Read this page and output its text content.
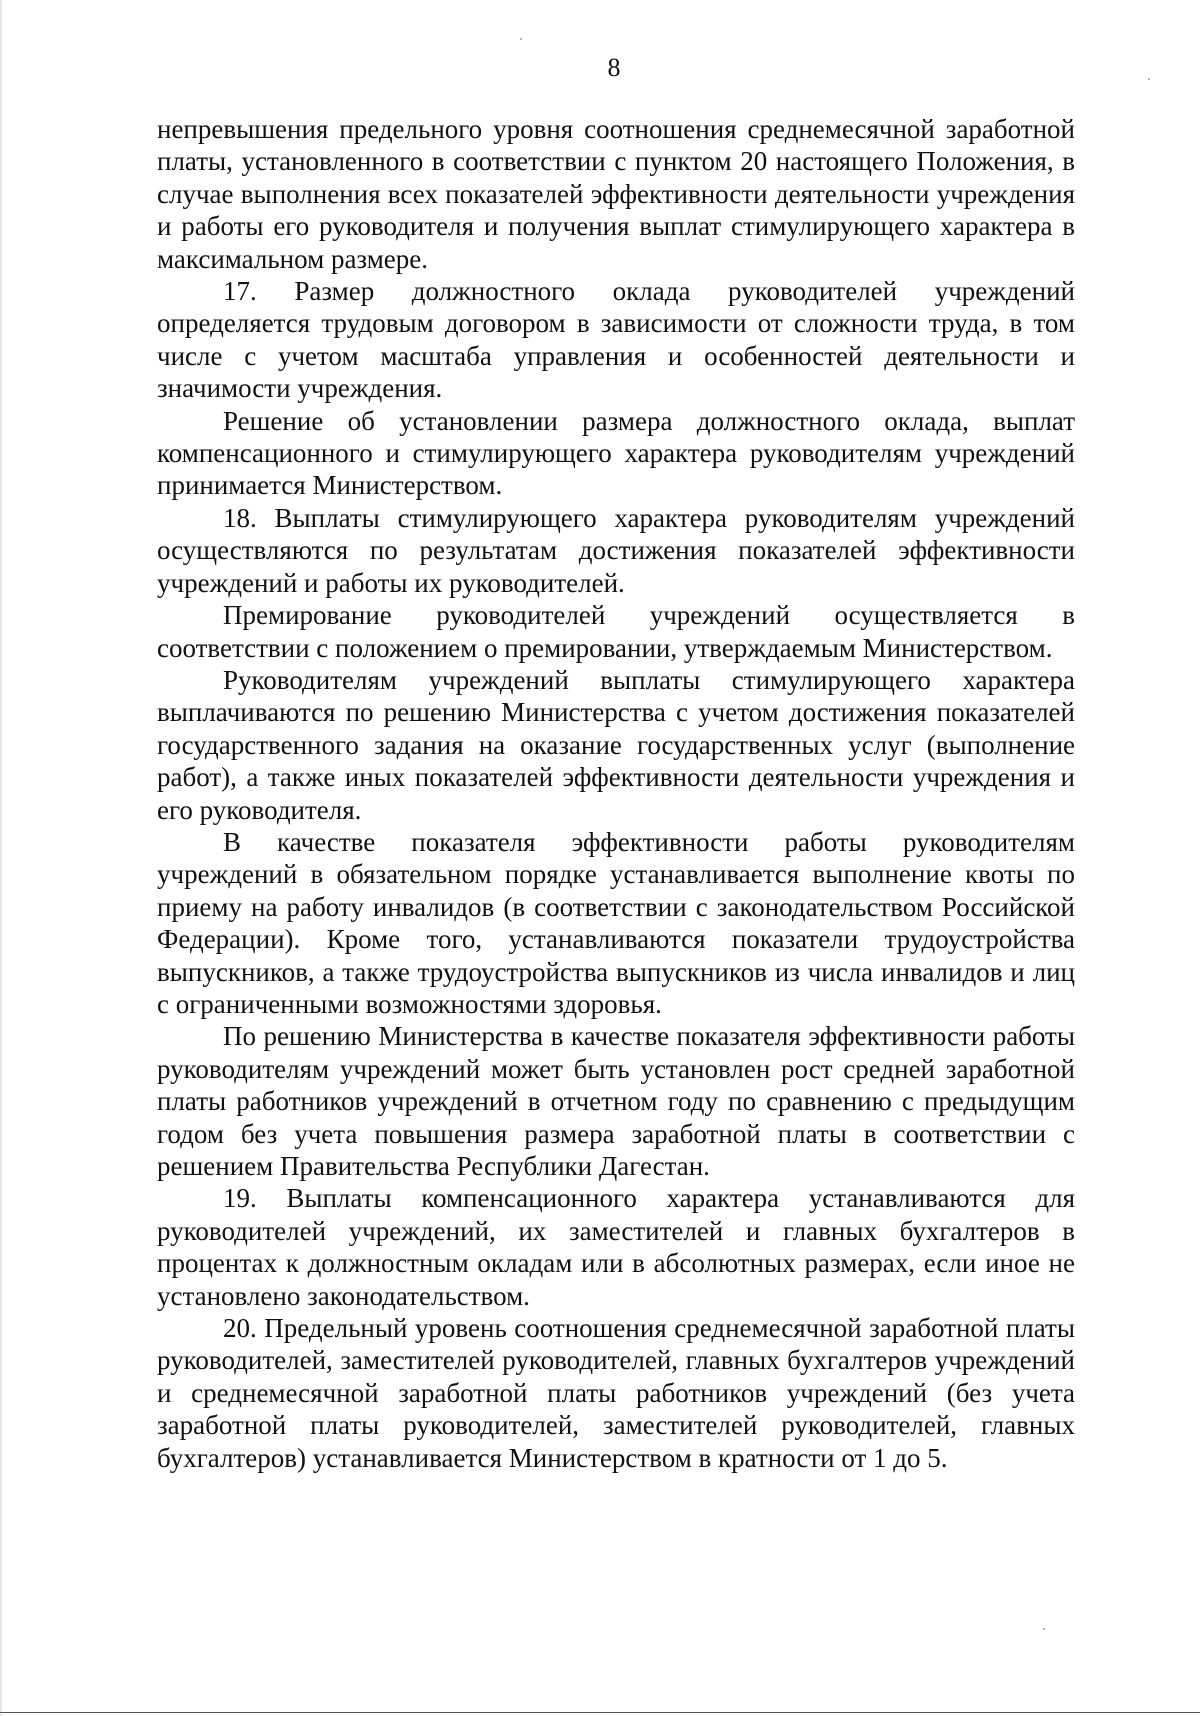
8

непревышения предельного уровня соотношения среднемесячной заработной платы, установленного в соответствии с пунктом 20 настоящего Положения, в случае выполнения всех показателей эффективности деятельности учреждения и работы его руководителя и получения выплат стимулирующего характера в максимальном размере.

17. Размер должностного оклада руководителей учреждений определяется трудовым договором в зависимости от сложности труда, в том числе с учетом масштаба управления и особенностей деятельности и значимости учреждения.

Решение об установлении размера должностного оклада, выплат компенсационного и стимулирующего характера руководителям учреждений принимается Министерством.

18. Выплаты стимулирующего характера руководителям учреждений осуществляются по результатам достижения показателей эффективности учреждений и работы их руководителей.

Премирование руководителей учреждений осуществляется в соответствии с положением о премировании, утверждаемым Министерством.

Руководителям учреждений выплаты стимулирующего характера выплачиваются по решению Министерства с учетом достижения показателей государственного задания на оказание государственных услуг (выполнение работ), а также иных показателей эффективности деятельности учреждения и его руководителя.

В качестве показателя эффективности работы руководителям учреждений в обязательном порядке устанавливается выполнение квоты по приему на работу инвалидов (в соответствии с законодательством Российской Федерации). Кроме того, устанавливаются показатели трудоустройства выпускников, а также трудоустройства выпускников из числа инвалидов и лиц с ограниченными возможностями здоровья.

По решению Министерства в качестве показателя эффективности работы руководителям учреждений может быть установлен рост средней заработной платы работников учреждений в отчетном году по сравнению с предыдущим годом без учета повышения размера заработной платы в соответствии с решением Правительства Республики Дагестан.

19. Выплаты компенсационного характера устанавливаются для руководителей учреждений, их заместителей и главных бухгалтеров в процентах к должностным окладам или в абсолютных размерах, если иное не установлено законодательством.

20. Предельный уровень соотношения среднемесячной заработной платы руководителей, заместителей руководителей, главных бухгалтеров учреждений и среднемесячной заработной платы работников учреждений (без учета заработной платы руководителей, заместителей руководителей, главных бухгалтеров) устанавливается Министерством в кратности от 1 до 5.
